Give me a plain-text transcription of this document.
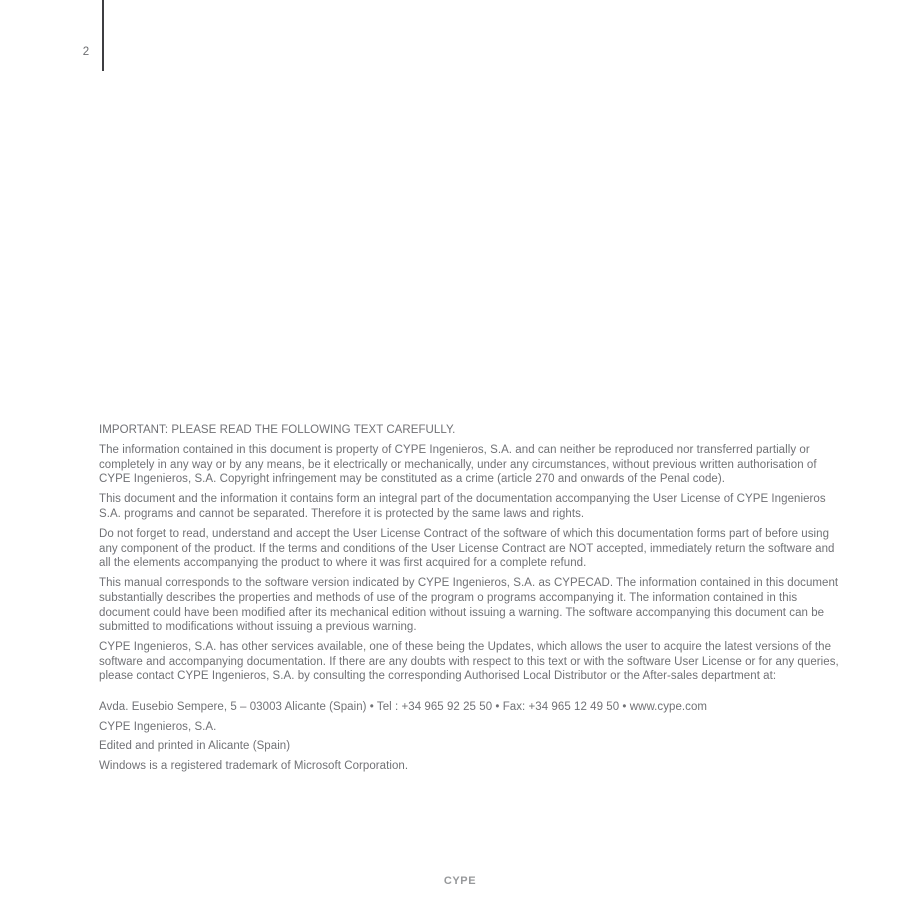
2

IMPORTANT: PLEASE READ THE FOLLOWING TEXT CAREFULLY.

The information contained in this document is property of CYPE Ingenieros, S.A. and can neither be reproduced nor transferred partially or completely in any way or by any means, be it electrically or mechanically, under any circumstances, without previous written authorisation of CYPE Ingenieros, S.A. Copyright infringement may be constituted as a crime (article 270 and onwards of the Penal code).

This document and the information it contains form an integral part of the documentation accompanying the User License of CYPE Ingenieros S.A. programs and cannot be separated. Therefore it is protected by the same laws and rights.

Do not forget to read, understand and accept the User License Contract of the software of which this documentation forms part of before using any component of the product. If the terms and conditions of the User License Contract are NOT accepted, immediately return the software and all the elements accompanying the product to where it was first acquired for a complete refund.

This manual corresponds to the software version indicated by CYPE Ingenieros, S.A. as CYPECAD. The information contained in this document substantially describes the properties and methods of use of the program o programs accompanying it. The information contained in this document could have been modified after its mechanical edition without issuing a warning. The software accompanying this document can be submitted to modifications without issuing a previous warning.

CYPE Ingenieros, S.A. has other services available, one of these being the Updates, which allows the user to acquire the latest versions of the software and accompanying documentation. If there are any doubts with respect to this text or with the software User License or for any queries, please contact CYPE Ingenieros, S.A. by consulting the corresponding Authorised Local Distributor or the After-sales department at:

Avda. Eusebio Sempere, 5 – 03003 Alicante (Spain) • Tel : +34 965 92 25 50 • Fax: +34 965 12 49 50 • www.cype.com

CYPE Ingenieros, S.A.

Edited and printed in Alicante (Spain)

Windows is a registered trademark of Microsoft Corporation.

CYPE
